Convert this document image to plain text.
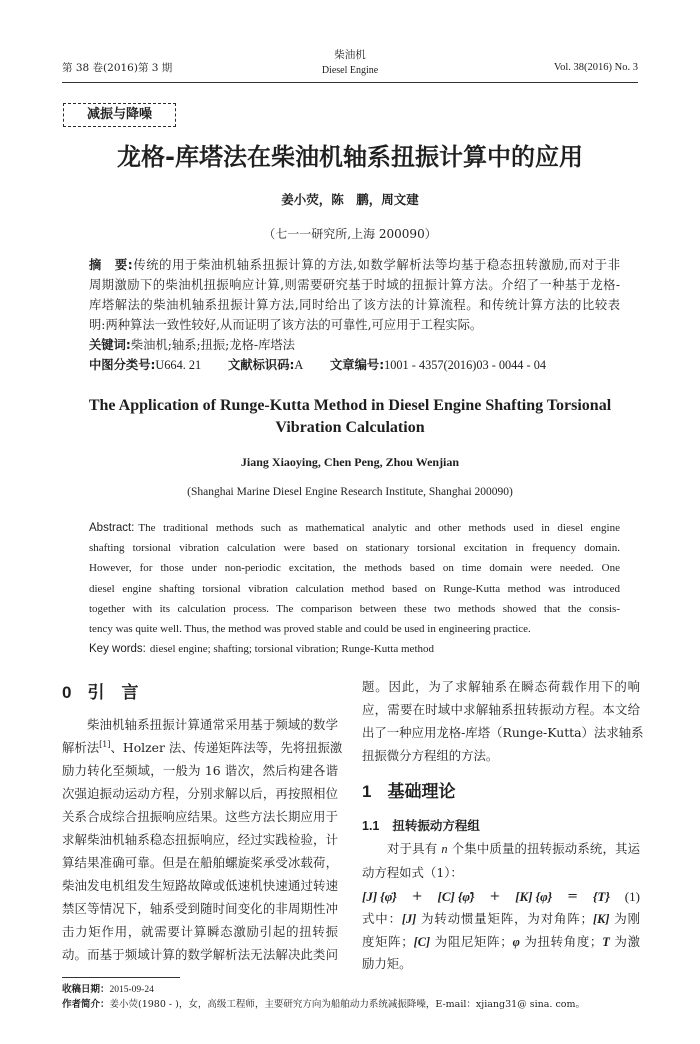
第 38 卷(2016)第 3 期
柴油机
Diesel Engine	Vol. 38(2016) No. 3
减振与降噪
龙格-库塔法在柴油机轴系扭振计算中的应用
姜小荧，陈　鹏，周文建
（七一一研究所,上海 200090）
摘　要:传统的用于柴油机轴系扭振计算的方法,如数学解析法等均基于稳态扭转激励,而对于非
周期激励下的柴油机扭振响应计算,则需要研究基于时域的扭振计算方法。介绍了一种基于龙格-
库塔解法的柴油机轴系扭振计算方法,同时给出了该方法的计算流程。和传统计算方法的比较表
明:两种算法一致性较好,从而证明了该方法的可靠性,可应用于工程实际。
关键词:柴油机;轴系;扭振;龙格-库塔法
中图分类号:U664. 21 文献标识码:A 文章编号:1001 - 4357(2016)03 - 0044 - 04
The Application of Runge-Kutta Method in Diesel Engine Shafting Torsional
Vibration Calculation
Jiang Xiaoying, Chen Peng, Zhou Wenjian
(Shanghai Marine Diesel Engine Research Institute, Shanghai 200090)
Abstract: The traditional methods such as mathematical analytic and other methods used in diesel engine
shafting torsional vibration calculation were based on stationary torsional excitation in frequency domain.
However, for those under non-periodic excitation, the methods based on time domain were needed. One
diesel engine shafting torsional vibration calculation method based on Runge-Kutta method was introduced
together with its calculation process. The comparison between these two methods showed that the consis-
tency was quite well. Thus, the method was proved stable and could be used in engineering practice.
Key words: diesel engine; shafting; torsional vibration; Runge-Kutta method
0 引　言
柴油机轴系扭振计算通常采用基于频域的数学
解析法[1]、Holzer 法、传递矩阵法等，先将扭振激
励力转化至频域，一般为 16 谐次，然后构建各谐
次强迫振动运动方程，分别求解以后，再按照相位
关系合成综合扭振响应结果。这些方法长期应用于
求解柴油机轴系稳态扭振响应，经过实践检验，计
算结果准确可靠。但是在船舶螺旋桨承受冰载荷，
柴油发电机组发生短路故障或低速机快速通过转速
禁区等情况下，轴系受到随时间变化的非周期性冲
击力矩作用，就需要计算瞬态激励引起的扭转振
动。而基于频域计算的数学解析法无法解决此类问
题。因此，为了求解轴系在瞬态荷载作用下的响
应，需要在时域中求解轴系扭转振动方程。本文给
出了一种应用龙格-库塔（Runge-Kutta）法求轴系
扭振微分方程组的方法。
1 基础理论
1.1 扭转振动方程组
对于具有 n 个集中质量的扭转振动系统，其运
动方程如式（1）：
[J] {φ̈} + [C] {φ̇} + [K] {φ} = {T} (1)
式中：[J] 为转动惯量矩阵，为对角阵；[K] 为刚
度矩阵；[C] 为阻尼矩阵；φ 为扭转角度；T 为激
励力矩。
收稿日期：2015-09-24
作者简介：姜小荧(1980 - )，女，高级工程师，主要研究方向为船舶动力系统减振降噪，E-mail：xjiang31@ sina. com。
